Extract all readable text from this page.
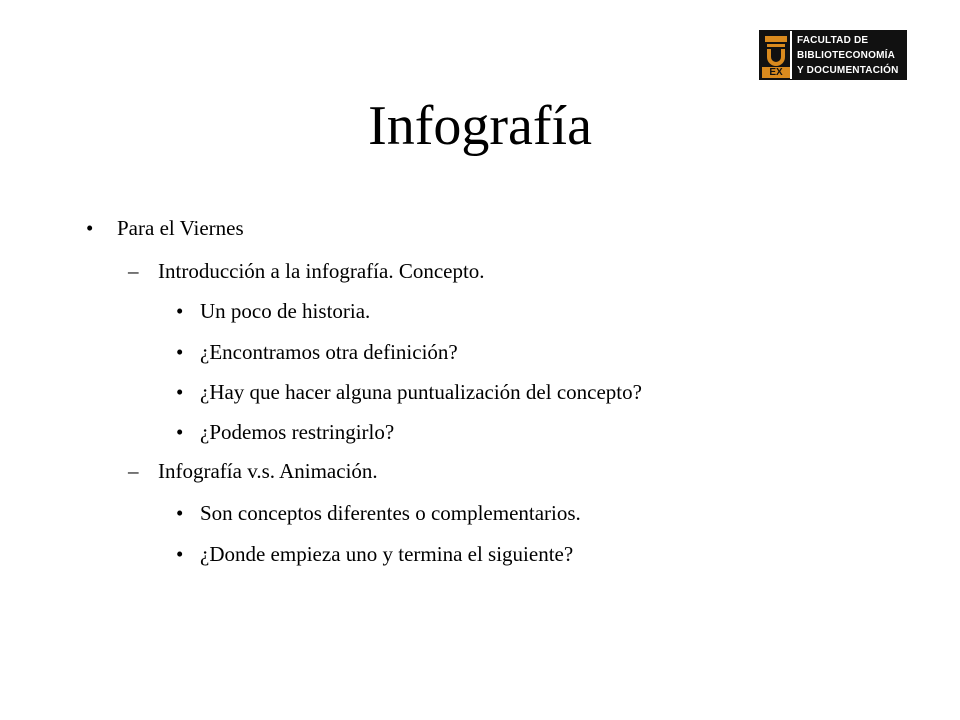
EX
FACULTAD DE
BIBLIOTECONOMÍA
Y DOCUMENTACIÓN
Infografía
• Para el Viernes
– Introducción a la infografía. Concepto.
• Un poco de historia.
• ¿Encontramos otra definición?
• ¿Hay que hacer alguna puntualización del concepto?
• ¿Podemos restringirlo?
– Infografía v.s. Animación.
• Son conceptos diferentes o complementarios.
• ¿Donde empieza uno y termina el siguiente?
